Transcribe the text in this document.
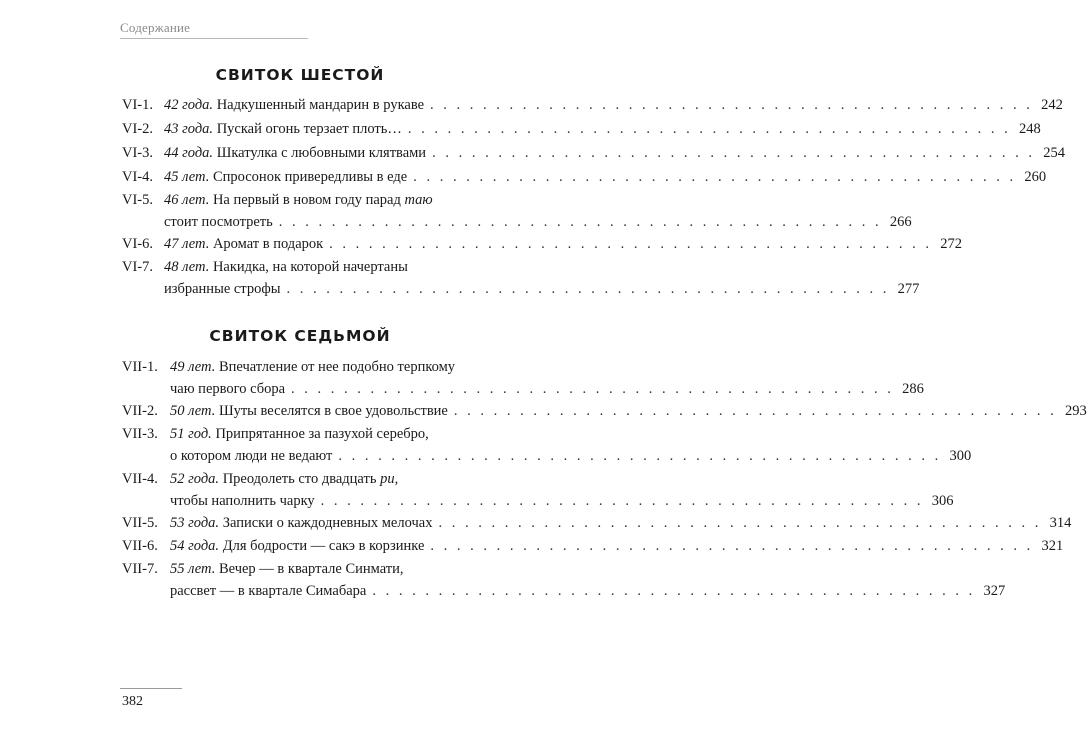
Содержание
СВИТОК ШЕСТОЙ
VI-1. 42 года. Надкушенный мандарин в рукаве . . .	242
VI-2. 43 года. Пускай огонь терзает плоть… . . .	248
VI-3. 44 года. Шкатулка с любовными клятвами . . .	254
VI-4. 45 лет. Спросонок привередливы в еде . . .	260
VI-5. 46 лет. На первый в новом году парад таю
стоит посмотреть . . .	266
VI-6. 47 лет. Аромат в подарок . . .	272
VI-7. 48 лет. Накидка, на которой начертаны
избранные строфы . . .	277
СВИТОК СЕДЬМОЙ
VII-1. 49 лет. Впечатление от нее подобно терпкому
чаю первого сбора . . .	286
VII-2. 50 лет. Шуты веселятся в свое удовольствие . . .	293
VII-3. 51 год. Припрятанное за пазухой серебро,
о котором люди не ведают . . .	300
VII-4. 52 года. Преодолеть сто двадцать ри,
чтобы наполнить чарку . . .	306
VII-5. 53 года. Записки о каждодневных мелочах . . .	314
VII-6. 54 года. Для бодрости — сакэ в корзинке . . .	321
VII-7. 55 лет. Вечер — в квартале Синмати,
рассвет — в квартале Симабара . . .	327
382
